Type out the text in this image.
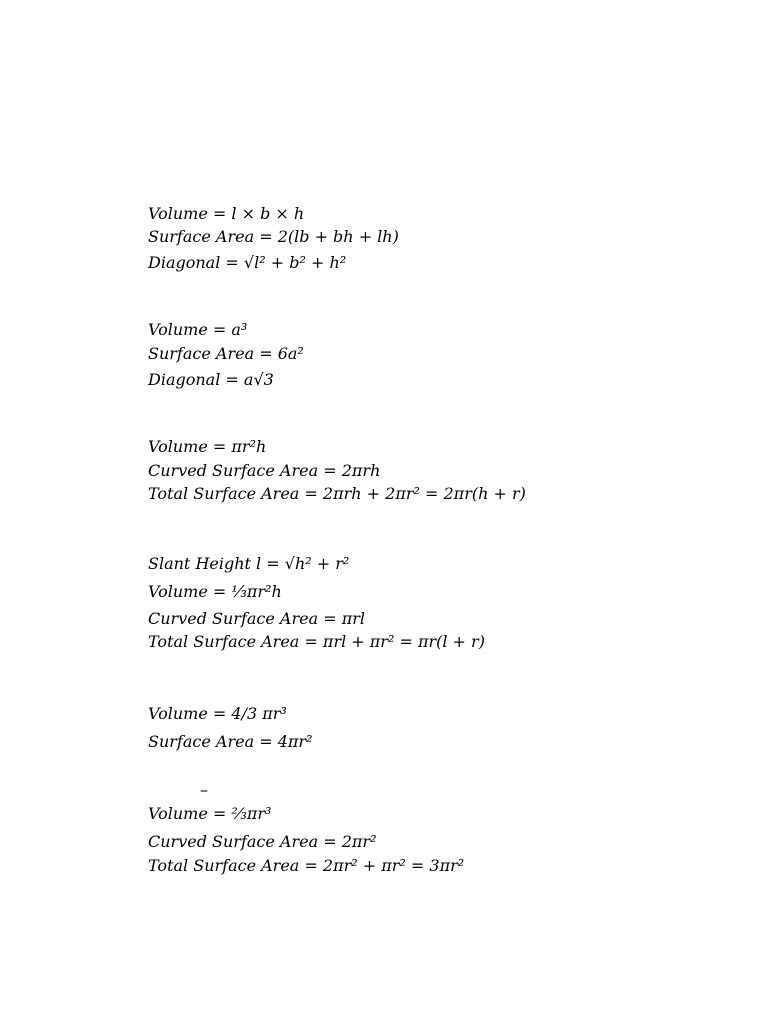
Volume = l × b × h
Surface Area = 2(lb + bh + lh)
Diagonal = √l² + b² + h²
Volume = a³
Surface Area = 6a²
Diagonal = a√3
Volume = πr²h
Curved Surface Area = 2πrh
Total Surface Area = 2πrh + 2πr² = 2πr(h + r)
Slant Height l = √h² + r²
Volume = ⅓πr²h
Curved Surface Area = πrl
Total Surface Area = πrl + πr² = πr(l + r)
Volume = 4/3 πr³
Surface Area = 4πr²
–
Volume = ⅔πr³
Curved Surface Area = 2πr²
Total Surface Area = 2πr² + πr² = 3πr²
